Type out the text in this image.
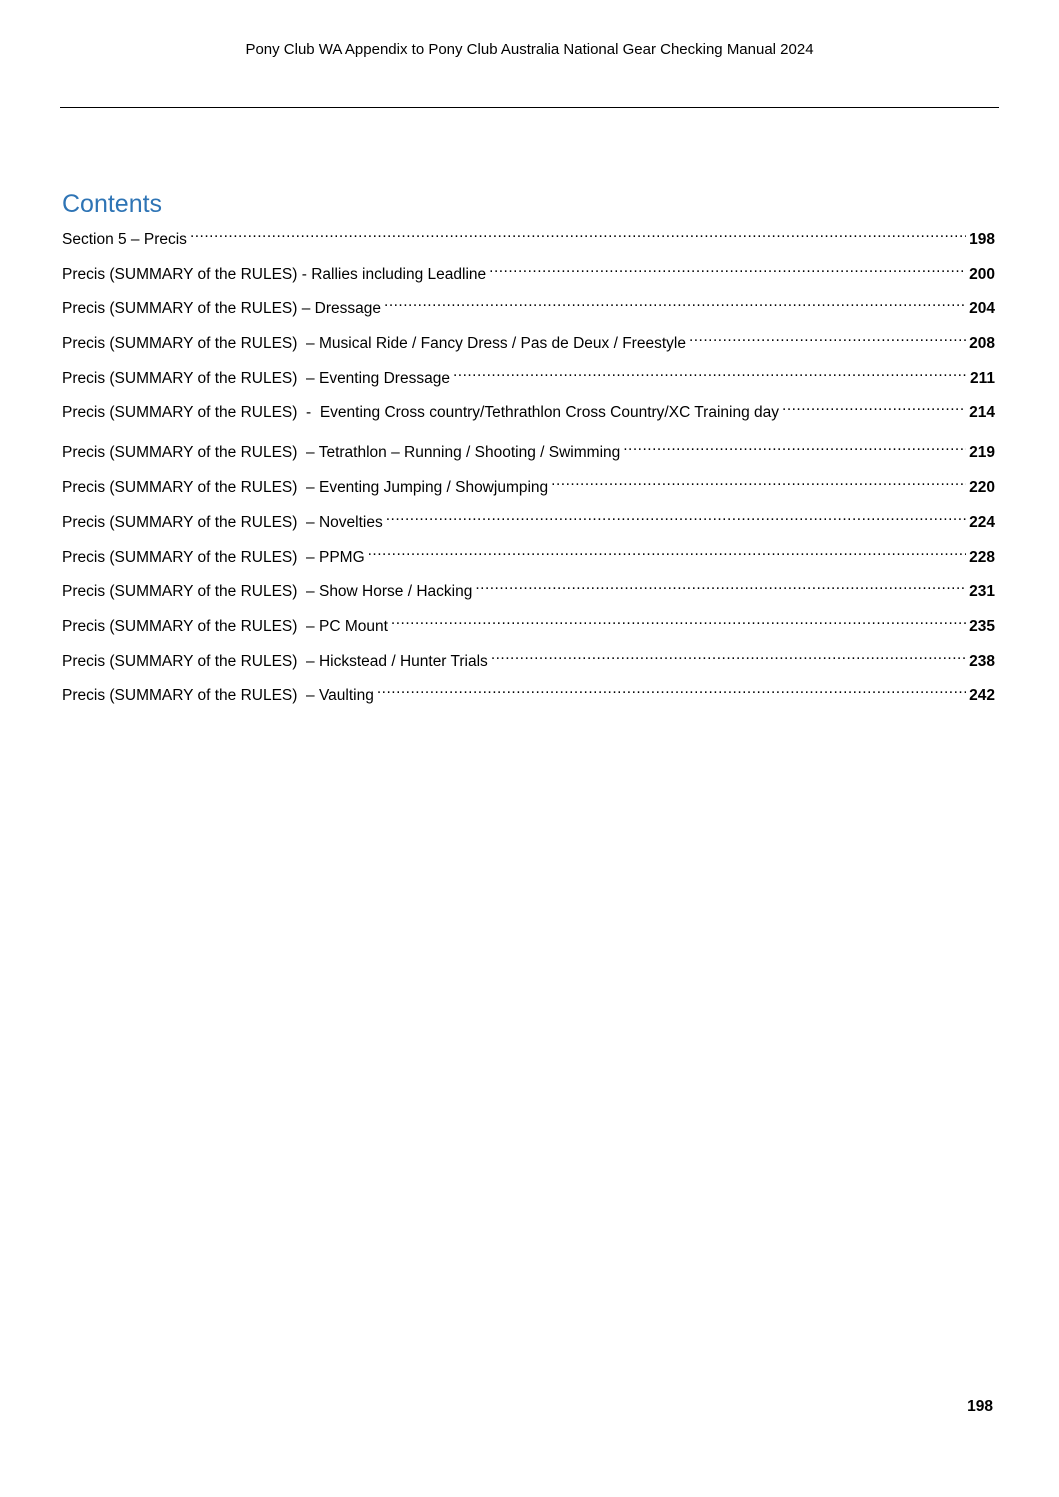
Pony Club WA Appendix to Pony Club Australia National Gear Checking Manual 2024
Contents
Section 5 – Precis .....	198
Precis (SUMMARY of the RULES) - Rallies including Leadline .....	200
Precis (SUMMARY of the RULES) – Dressage .....	204
Precis (SUMMARY of the RULES)  – Musical Ride / Fancy Dress / Pas de Deux / Freestyle .....	208
Precis (SUMMARY of the RULES)  – Eventing Dressage .....	211
Precis (SUMMARY of the RULES)  -  Eventing Cross country/Tethrathlon Cross Country/XC Training day .....	214
Precis (SUMMARY of the RULES)  – Tetrathlon – Running / Shooting / Swimming .....	219
Precis (SUMMARY of the RULES)  – Eventing Jumping / Showjumping .....	220
Precis (SUMMARY of the RULES)  – Novelties .....	224
Precis (SUMMARY of the RULES)  – PPMG .....	228
Precis (SUMMARY of the RULES)  – Show Horse / Hacking .....	231
Precis (SUMMARY of the RULES)  – PC Mount .....	235
Precis (SUMMARY of the RULES)  – Hickstead / Hunter Trials .....	238
Precis (SUMMARY of the RULES)  – Vaulting .....	242
198
